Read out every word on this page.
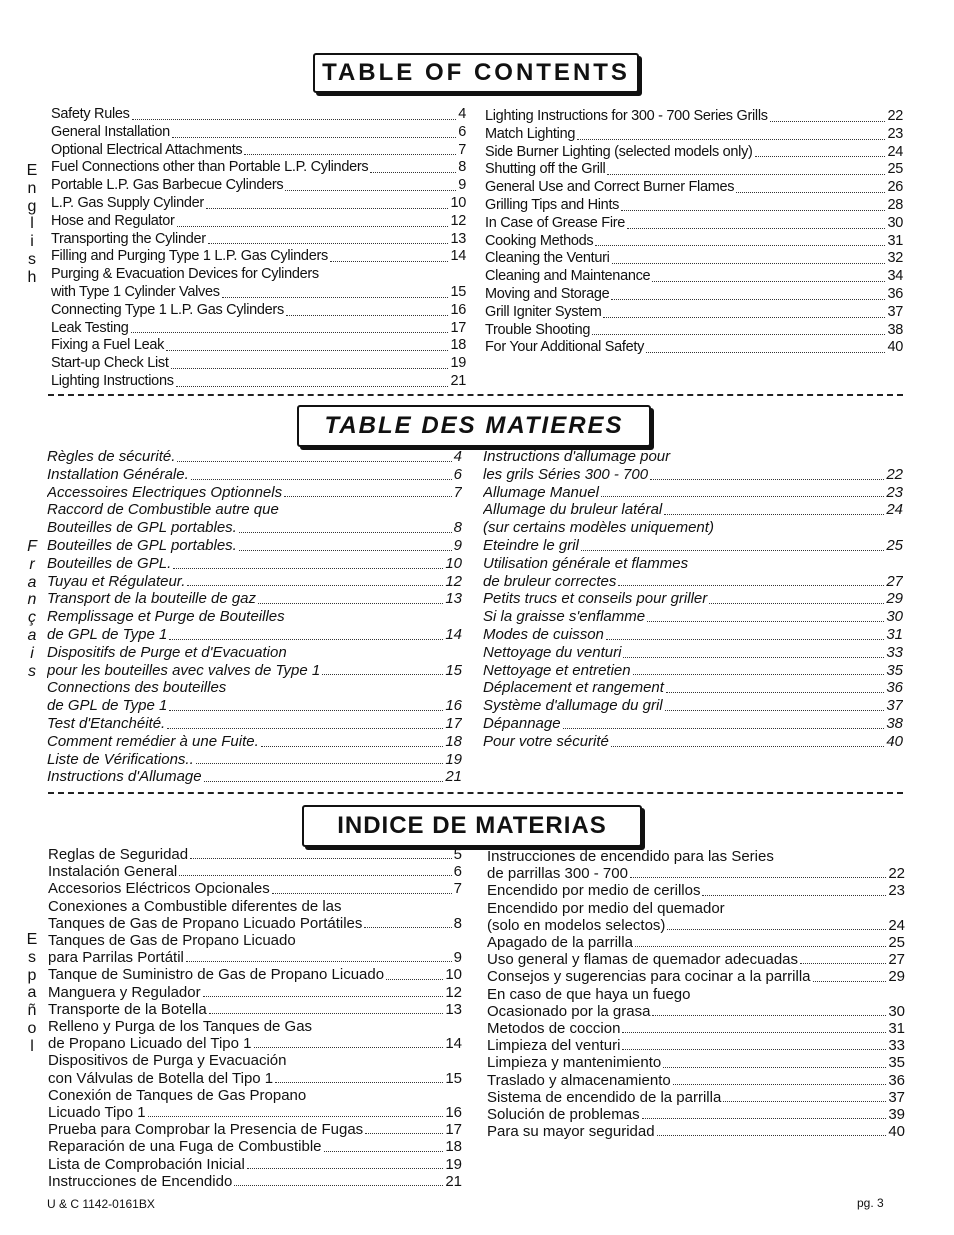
TABLE OF CONTENTS
E
n
g
l
i
s
h
Safety Rules	4
General Installation	6
Optional Electrical Attachments	7
Fuel Connections other than Portable L.P. Cylinders	8
Portable L.P. Gas Barbecue Cylinders	9
L.P. Gas Supply Cylinder	10
Hose and Regulator	12
Transporting the Cylinder	13
Filling and Purging Type 1 L.P. Gas Cylinders	14
Purging & Evacuation Devices for Cylinders
with Type 1 Cylinder Valves	15
Connecting Type 1 L.P. Gas Cylinders	16
Leak Testing	17
Fixing a Fuel Leak	18
Start-up Check List	19
Lighting Instructions	21
Lighting Instructions for 300 - 700 Series Grills	22
Match Lighting	23
Side Burner Lighting (selected models only)	24
Shutting off the Grill	25
General Use and Correct Burner Flames	26
Grilling Tips and Hints	28
In Case of Grease Fire	30
Cooking Methods	31
Cleaning the Venturi	32
Cleaning and Maintenance	34
Moving and Storage	36
Grill Igniter System	37
Trouble Shooting	38
For Your Additional Safety	40
TABLE DES MATIERES
F
r
a
n
ç
a
i
s
Règles de sécurité.	4
Installation Générale.	6
Accessoires Electriques Optionnels	7
Raccord de Combustible autre que
Bouteilles de GPL portables.	8
Bouteilles de GPL portables.	9
Bouteilles de GPL.	10
Tuyau et Régulateur.	12
Transport de la bouteille de gaz	13
Remplissage et Purge de Bouteilles
de GPL de Type 1	14
Dispositifs de Purge et d'Evacuation
pour les bouteilles avec valves de Type 1	15
Connections des bouteilles
de GPL de Type 1	16
Test d'Etanchéité.	17
Comment remédier à une Fuite.	18
Liste de Vérifications..	19
Instructions d'Allumage	21
Instructions d'allumage pour
les grils Séries 300 - 700	22
Allumage Manuel	23
Allumage du bruleur latéral	24
(sur certains modèles uniquement)
Eteindre le gril	25
Utilisation générale et flammes
de bruleur correctes	27
Petits trucs et conseils pour griller	29
Si la graisse s'enflamme	30
Modes de cuisson	31
Nettoyage du venturi	33
Nettoyage et entretien	35
Déplacement et rangement	36
Système d'allumage du gril	37
Dépannage	38
Pour votre sécurité	40
INDICE DE MATERIAS
E
s
p
a
ñ
o
l
Reglas de Seguridad	5
Instalación General	6
Accesorios Eléctricos Opcionales	7
Conexiones a Combustible diferentes de las
Tanques de Gas de Propano Licuado Portátiles	8
Tanques de Gas de Propano Licuado
para Parrilas Portátil	9
Tanque de Suministro de Gas de Propano Licuado	10
Manguera y Regulador	12
Transporte de la Botella	13
Relleno y Purga de los Tanques de Gas
de Propano Licuado del Tipo 1	14
Dispositivos de Purga y Evacuación
con Válvulas de Botella del Tipo 1	15
Conexión de Tanques de Gas Propano
Licuado Tipo 1	16
Prueba para Comprobar la Presencia de Fugas	17
Reparación de una Fuga de Combustible	18
Lista de Comprobación Inicial	19
Instrucciones de Encendido	21
Instrucciones de encendido para las Series
de parrillas 300 - 700	22
Encendido por medio de cerillos	23
Encendido por medio del quemador
(solo en modelos selectos)	24
Apagado de la parrilla	25
Uso general y flamas de quemador adecuadas	27
Consejos y sugerencias para cocinar a la parrilla	29
En caso de que haya un fuego
Ocasionado por la grasa	30
Metodos de coccion	31
Limpieza del venturi	33
Limpieza y mantenimiento	35
Traslado y almacenamiento	36
Sistema de encendido de la parrilla	37
Solución de problemas	39
Para su mayor seguridad	40
U & C 1142-0161BX	pg. 3
